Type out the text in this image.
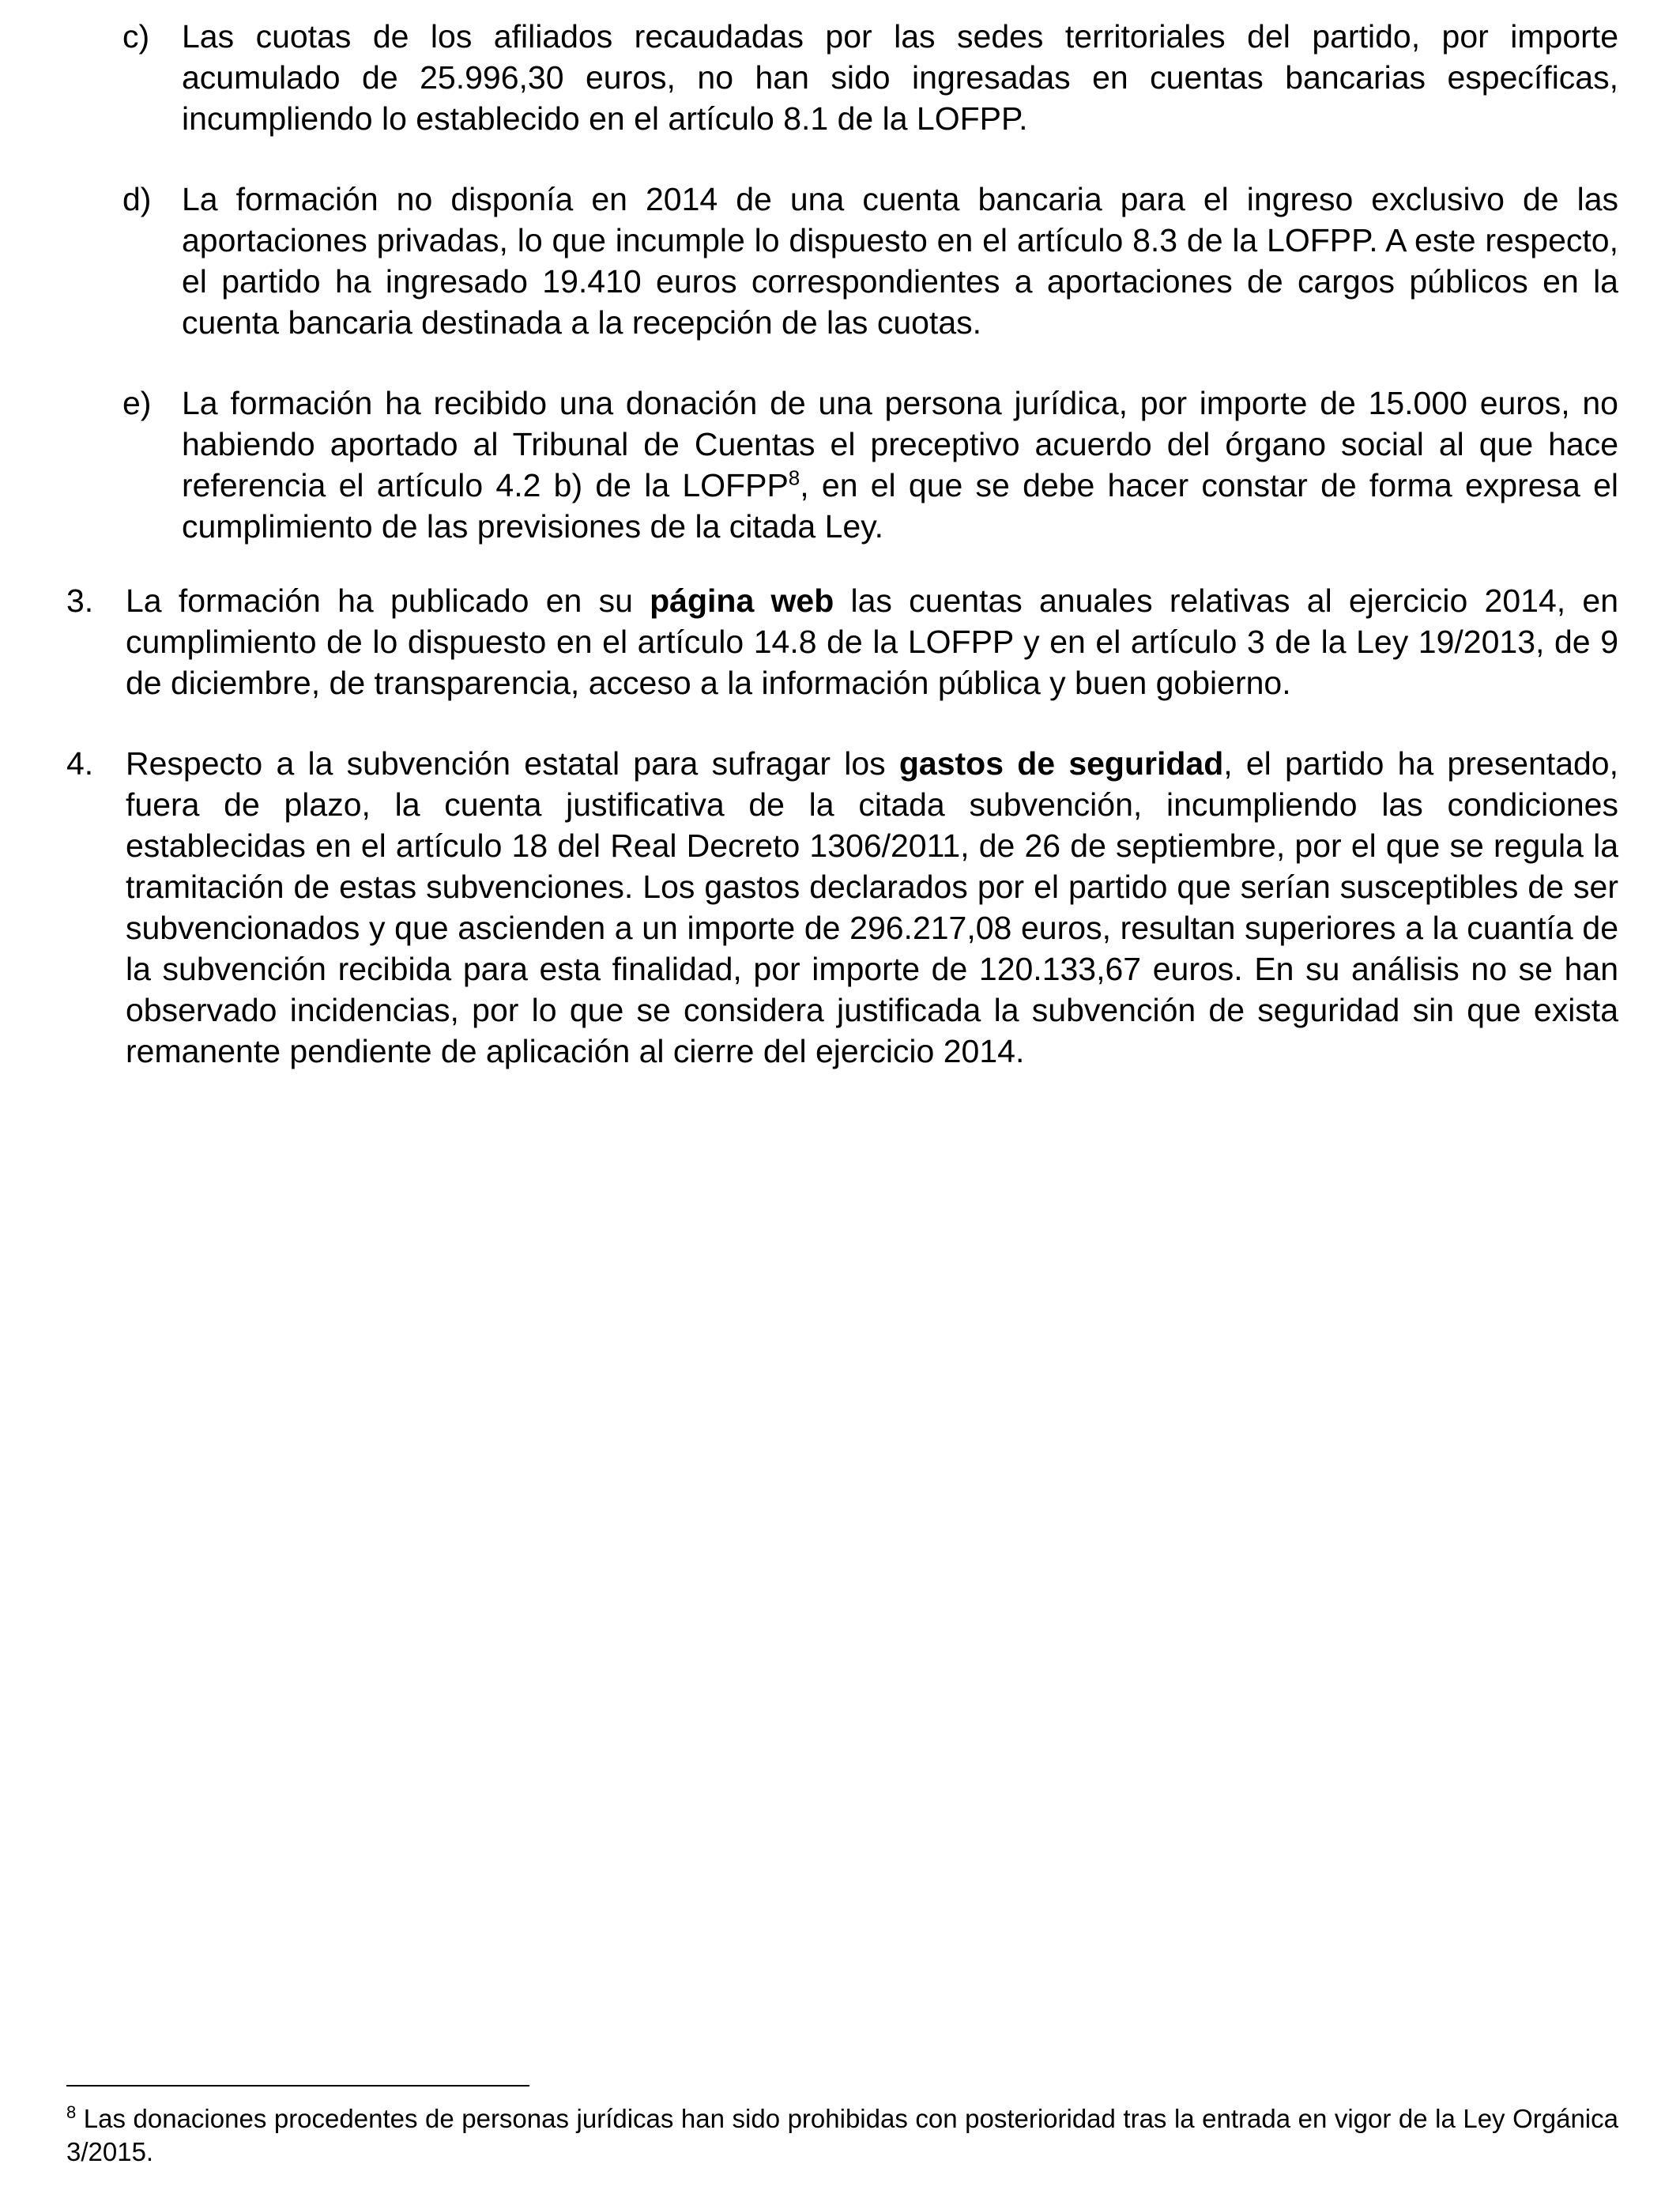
c) Las cuotas de los afiliados recaudadas por las sedes territoriales del partido, por importe acumulado de 25.996,30 euros, no han sido ingresadas en cuentas bancarias específicas, incumpliendo lo establecido en el artículo 8.1 de la LOFPP.
d) La formación no disponía en 2014 de una cuenta bancaria para el ingreso exclusivo de las aportaciones privadas, lo que incumple lo dispuesto en el artículo 8.3 de la LOFPP. A este respecto, el partido ha ingresado 19.410 euros correspondientes a aportaciones de cargos públicos en la cuenta bancaria destinada a la recepción de las cuotas.
e) La formación ha recibido una donación de una persona jurídica, por importe de 15.000 euros, no habiendo aportado al Tribunal de Cuentas el preceptivo acuerdo del órgano social al que hace referencia el artículo 4.2 b) de la LOFPP$^8$, en el que se debe hacer constar de forma expresa el cumplimiento de las previsiones de la citada Ley.
3. La formación ha publicado en su página web las cuentas anuales relativas al ejercicio 2014, en cumplimiento de lo dispuesto en el artículo 14.8 de la LOFPP y en el artículo 3 de la Ley 19/2013, de 9 de diciembre, de transparencia, acceso a la información pública y buen gobierno.
4. Respecto a la subvención estatal para sufragar los gastos de seguridad, el partido ha presentado, fuera de plazo, la cuenta justificativa de la citada subvención, incumpliendo las condiciones establecidas en el artículo 18 del Real Decreto 1306/2011, de 26 de septiembre, por el que se regula la tramitación de estas subvenciones. Los gastos declarados por el partido que serían susceptibles de ser subvencionados y que ascienden a un importe de 296.217,08 euros, resultan superiores a la cuantía de la subvención recibida para esta finalidad, por importe de 120.133,67 euros. En su análisis no se han observado incidencias, por lo que se considera justificada la subvención de seguridad sin que exista remanente pendiente de aplicación al cierre del ejercicio 2014.
$^8$ Las donaciones procedentes de personas jurídicas han sido prohibidas con posterioridad tras la entrada en vigor de la Ley Orgánica 3/2015.
